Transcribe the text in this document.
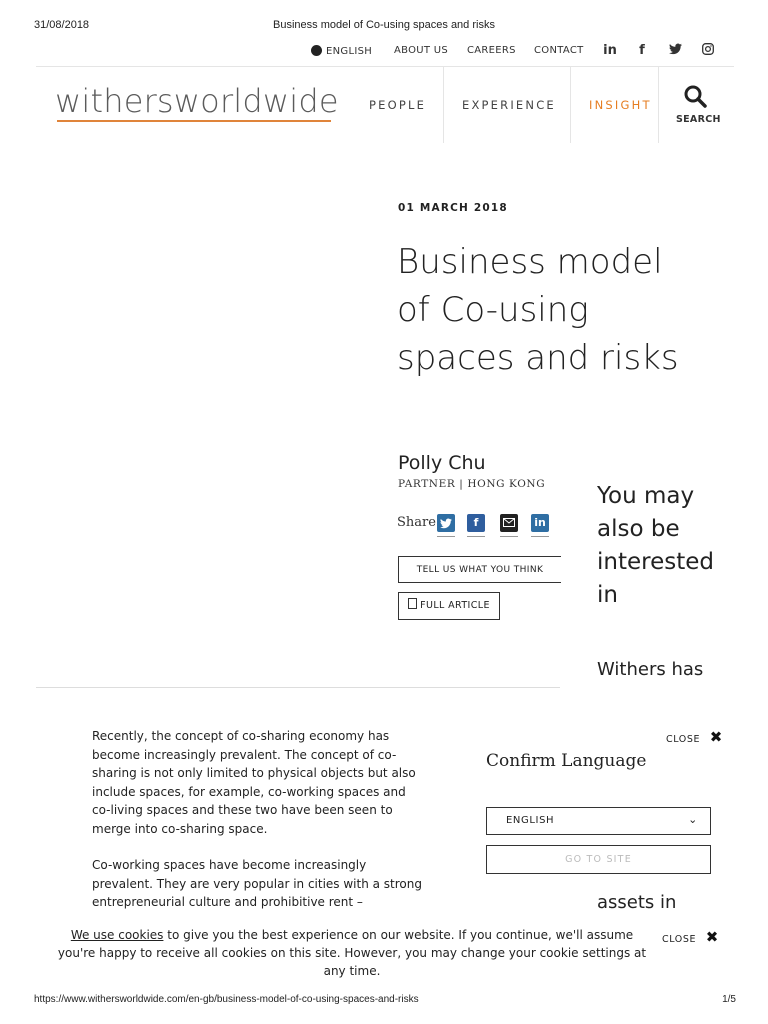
31/08/2018	Business model of Co-using spaces and risks
ENGLISH ABOUT US CAREERS CONTACT in	f
withersworldwide	PEOPLE	EXPERIENCE	INSIGHT
SEARCH
01 MARCH 2018
Business model of Co-using spaces and risks
Polly Chu
PARTNER | HONG KONG
Share	f	in
TELL US WHAT YOU THINK
FULL ARTICLE
You may also be interested in
Withers has
assets in
Recently, the concept of co-sharing economy has become increasingly prevalent. The concept of co-sharing is not only limited to physical objects but also include spaces, for example, co-working spaces and co-living spaces and these two have been seen to merge into co-sharing space.
Co-working spaces have become increasingly prevalent. They are very popular in cities with a strong entrepreneurial culture and prohibitive rent –
CLOSE ✖
Confirm Language
ENGLISH	⌄
GO TO SITE
We use cookies to give you the best experience on our website. If you continue, we'll assume you're happy to receive all cookies on this site. However, you may change your cookie settings at any time.
CLOSE ✖
https://www.withersworldwide.com/en-gb/business-model-of-co-using-spaces-and-risks	1/5
